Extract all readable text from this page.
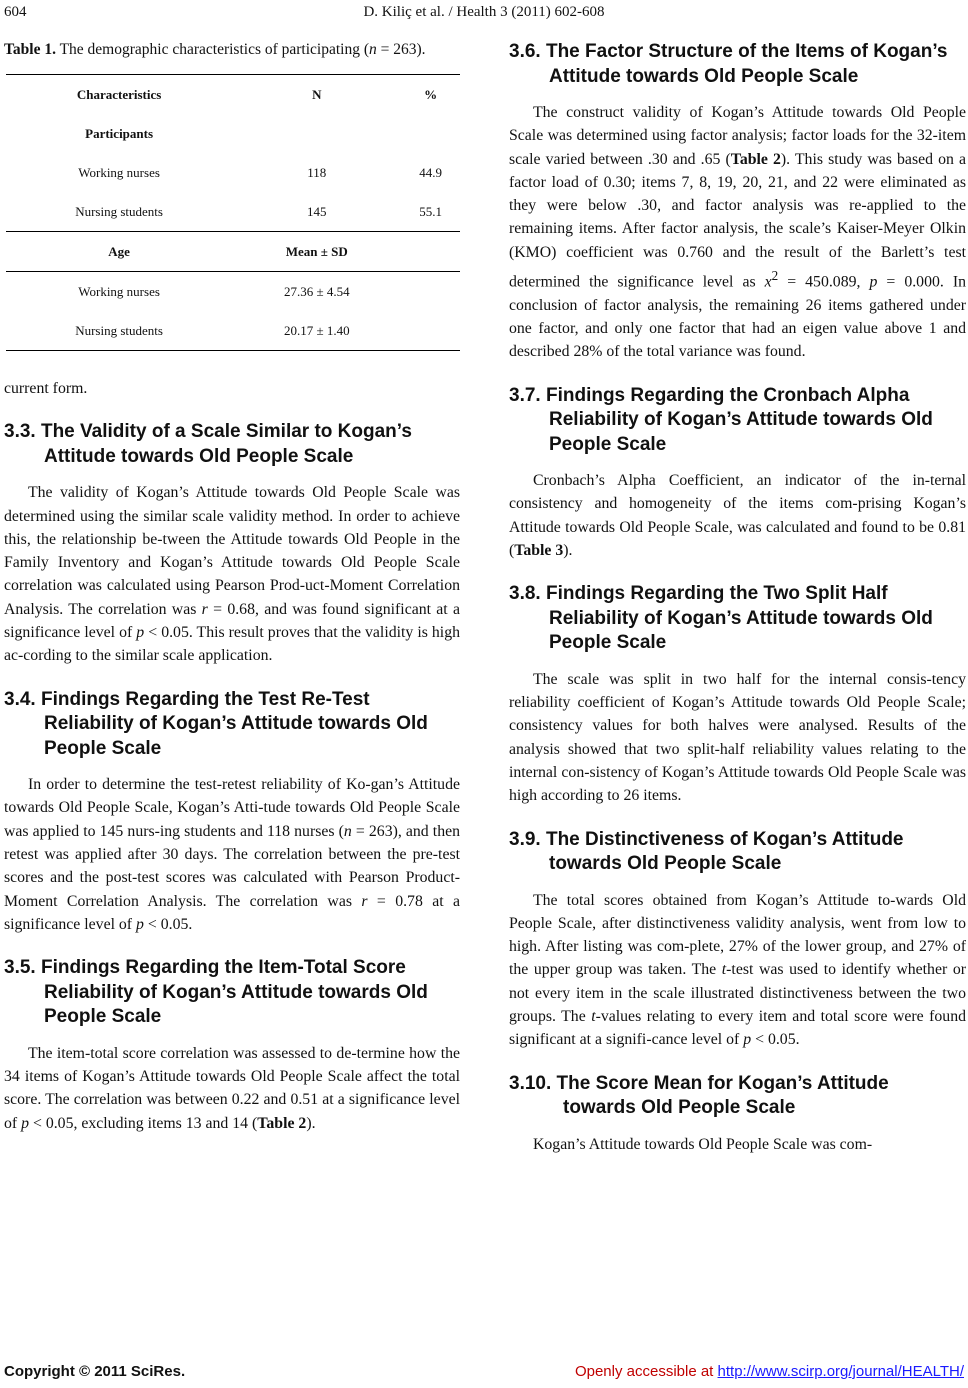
604	D. Kiliç et al. / Health 3 (2011) 602-608

Table 1. The demographic characteristics of participating (n = 263).

Characteristics	N	%
Participants		
Working nurses	118	44.9
Nursing students	145	55.1
Age	Mean ± SD	
Working nurses	27.36 ± 4.54	
Nursing students	20.17 ± 1.40	

current form.

3.3. The Validity of a Scale Similar to Kogan’s Attitude towards Old People Scale

The validity of Kogan’s Attitude towards Old People Scale was determined using the similar scale validity method. In order to achieve this, the relationship be-tween the Attitude towards Old People in the Family Inventory and Kogan’s Attitude towards Old People Scale correlation was calculated using Pearson Prod-uct-Moment Correlation Analysis. The correlation was r = 0.68, and was found significant at a significance level of p < 0.05. This result proves that the validity is high ac-cording to the similar scale application.

3.4. Findings Regarding the Test Re-Test Reliability of Kogan’s Attitude towards Old People Scale

In order to determine the test-retest reliability of Ko-gan’s Attitude towards Old People Scale, Kogan’s Atti-tude towards Old People Scale was applied to 145 nurs-ing students and 118 nurses (n = 263), and then retest was applied after 30 days. The correlation between the pre-test scores and the post-test scores was calculated with Pearson Product-Moment Correlation Analysis. The correlation was r = 0.78 at a significance level of p < 0.05.

3.5. Findings Regarding the Item-Total Score Reliability of Kogan’s Attitude towards Old People Scale

The item-total score correlation was assessed to de-termine how the 34 items of Kogan’s Attitude towards Old People Scale affect the total score. The correlation was between 0.22 and 0.51 at a significance level of p < 0.05, excluding items 13 and 14 (Table 2).

3.6. The Factor Structure of the Items of Kogan’s Attitude towards Old People Scale

The construct validity of Kogan’s Attitude towards Old People Scale was determined using factor analysis; factor loads for the 32-item scale varied between .30 and .65 (Table 2). This study was based on a factor load of 0.30; items 7, 8, 19, 20, 21, and 22 were eliminated as they were below .30, and factor analysis was re-applied to the remaining items. After factor analysis, the scale’s Kaiser-Meyer Olkin (KMO) coefficient was 0.760 and the result of the Barlett’s test determined the significance level as $x^2 = 450.089$, p = 0.000. In conclusion of factor analysis, the remaining 26 items gathered under one factor, and only one factor that had an eigen value above 1 and described 28% of the total variance was found.

3.7. Findings Regarding the Cronbach Alpha Reliability of Kogan’s Attitude towards Old People Scale

Cronbach’s Alpha Coefficient, an indicator of the in-ternal consistency and homogeneity of the items com-prising Kogan’s Attitude towards Old People Scale, was calculated and found to be 0.81 (Table 3).

3.8. Findings Regarding the Two Split Half Reliability of Kogan’s Attitude towards Old People Scale

The scale was split in two half for the internal consis-tency reliability coefficient of Kogan’s Attitude towards Old People Scale; consistency values for both halves were analysed. Results of the analysis showed that two split-half reliability values relating to the internal con-sistency of Kogan’s Attitude towards Old People Scale was high according to 26 items.

3.9. The Distinctiveness of Kogan’s Attitude towards Old People Scale

The total scores obtained from Kogan’s Attitude to-wards Old People Scale, after distinctiveness validity analysis, went from low to high. After listing was com-plete, 27% of the lower group, and 27% of the upper group was taken. The t-test was used to identify whether or not every item in the scale illustrated distinctiveness between the two groups. The t-values relating to every item and total score were found significant at a signifi-cance level of p < 0.05.

3.10. The Score Mean for Kogan’s Attitude towards Old People Scale

Kogan’s Attitude towards Old People Scale was com-

Copyright © 2011 SciRes.	Openly accessible at http://www.scirp.org/journal/HEALTH/
